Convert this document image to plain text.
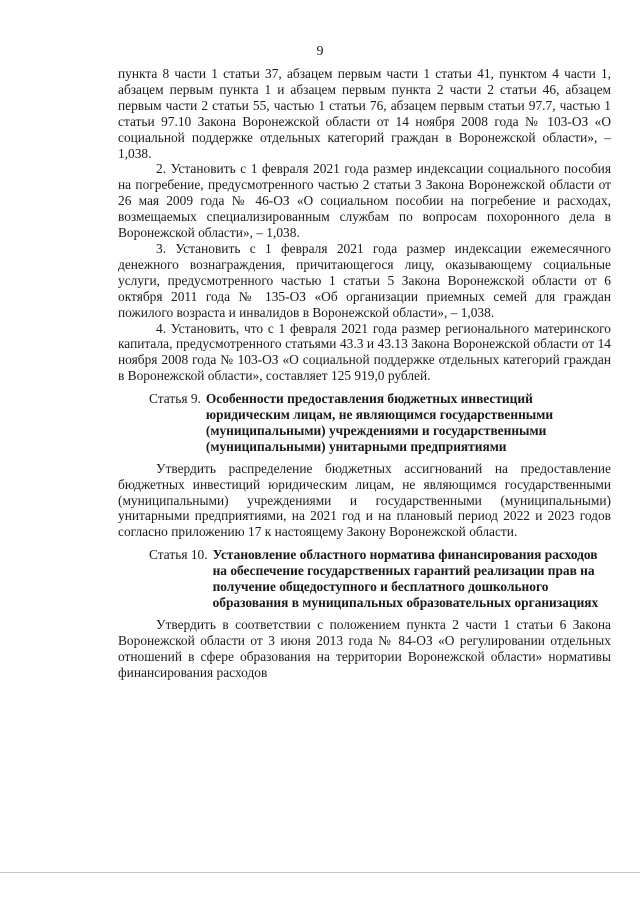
9

пункта 8 части 1 статьи 37, абзацем первым части 1 статьи 41, пунктом 4 части 1, абзацем первым пункта 1 и абзацем первым пункта 2 части 2 статьи 46, абзацем первым части 2 статьи 55, частью 1 статьи 76, абзацем первым статьи 97.7, частью 1 статьи 97.10 Закона Воронежской области от 14 ноября 2008 года № 103-ОЗ «О социальной поддержке отдельных категорий граждан в Воронежской области», – 1,038.

2. Установить с 1 февраля 2021 года размер индексации социального пособия на погребение, предусмотренного частью 2 статьи 3 Закона Воронежской области от 26 мая 2009 года № 46-ОЗ «О социальном пособии на погребение и расходах, возмещаемых специализированным службам по вопросам похоронного дела в Воронежской области», – 1,038.

3. Установить с 1 февраля 2021 года размер индексации ежемесячного денежного вознаграждения, причитающегося лицу, оказывающему социальные услуги, предусмотренного частью 1 статьи 5 Закона Воронежской области от 6 октября 2011 года № 135-ОЗ «Об организации приемных семей для граждан пожилого возраста и инвалидов в Воронежской области», – 1,038.

4. Установить, что с 1 февраля 2021 года размер регионального материнского капитала, предусмотренного статьями 43.3 и 43.13 Закона Воронежской области от 14 ноября 2008 года № 103-ОЗ «О социальной поддержке отдельных категорий граждан в Воронежской области», составляет 125 919,0 рублей.

Статья 9. Особенности предоставления бюджетных инвестиций юридическим лицам, не являющимся государственными (муниципальными) учреждениями и государственными (муниципальными) унитарными предприятиями

Утвердить распределение бюджетных ассигнований на предоставление бюджетных инвестиций юридическим лицам, не являющимся государственными (муниципальными) учреждениями и государственными (муниципальными) унитарными предприятиями, на 2021 год и на плановый период 2022 и 2023 годов согласно приложению 17 к настоящему Закону Воронежской области.

Статья 10. Установление областного норматива финансирования расходов на обеспечение государственных гарантий реализации прав на получение общедоступного и бесплатного дошкольного образования в муниципальных образовательных организациях

Утвердить в соответствии с положением пункта 2 части 1 статьи 6 Закона Воронежской области от 3 июня 2013 года № 84-ОЗ «О регулировании отдельных отношений в сфере образования на территории Воронежской области» нормативы финансирования расходов
